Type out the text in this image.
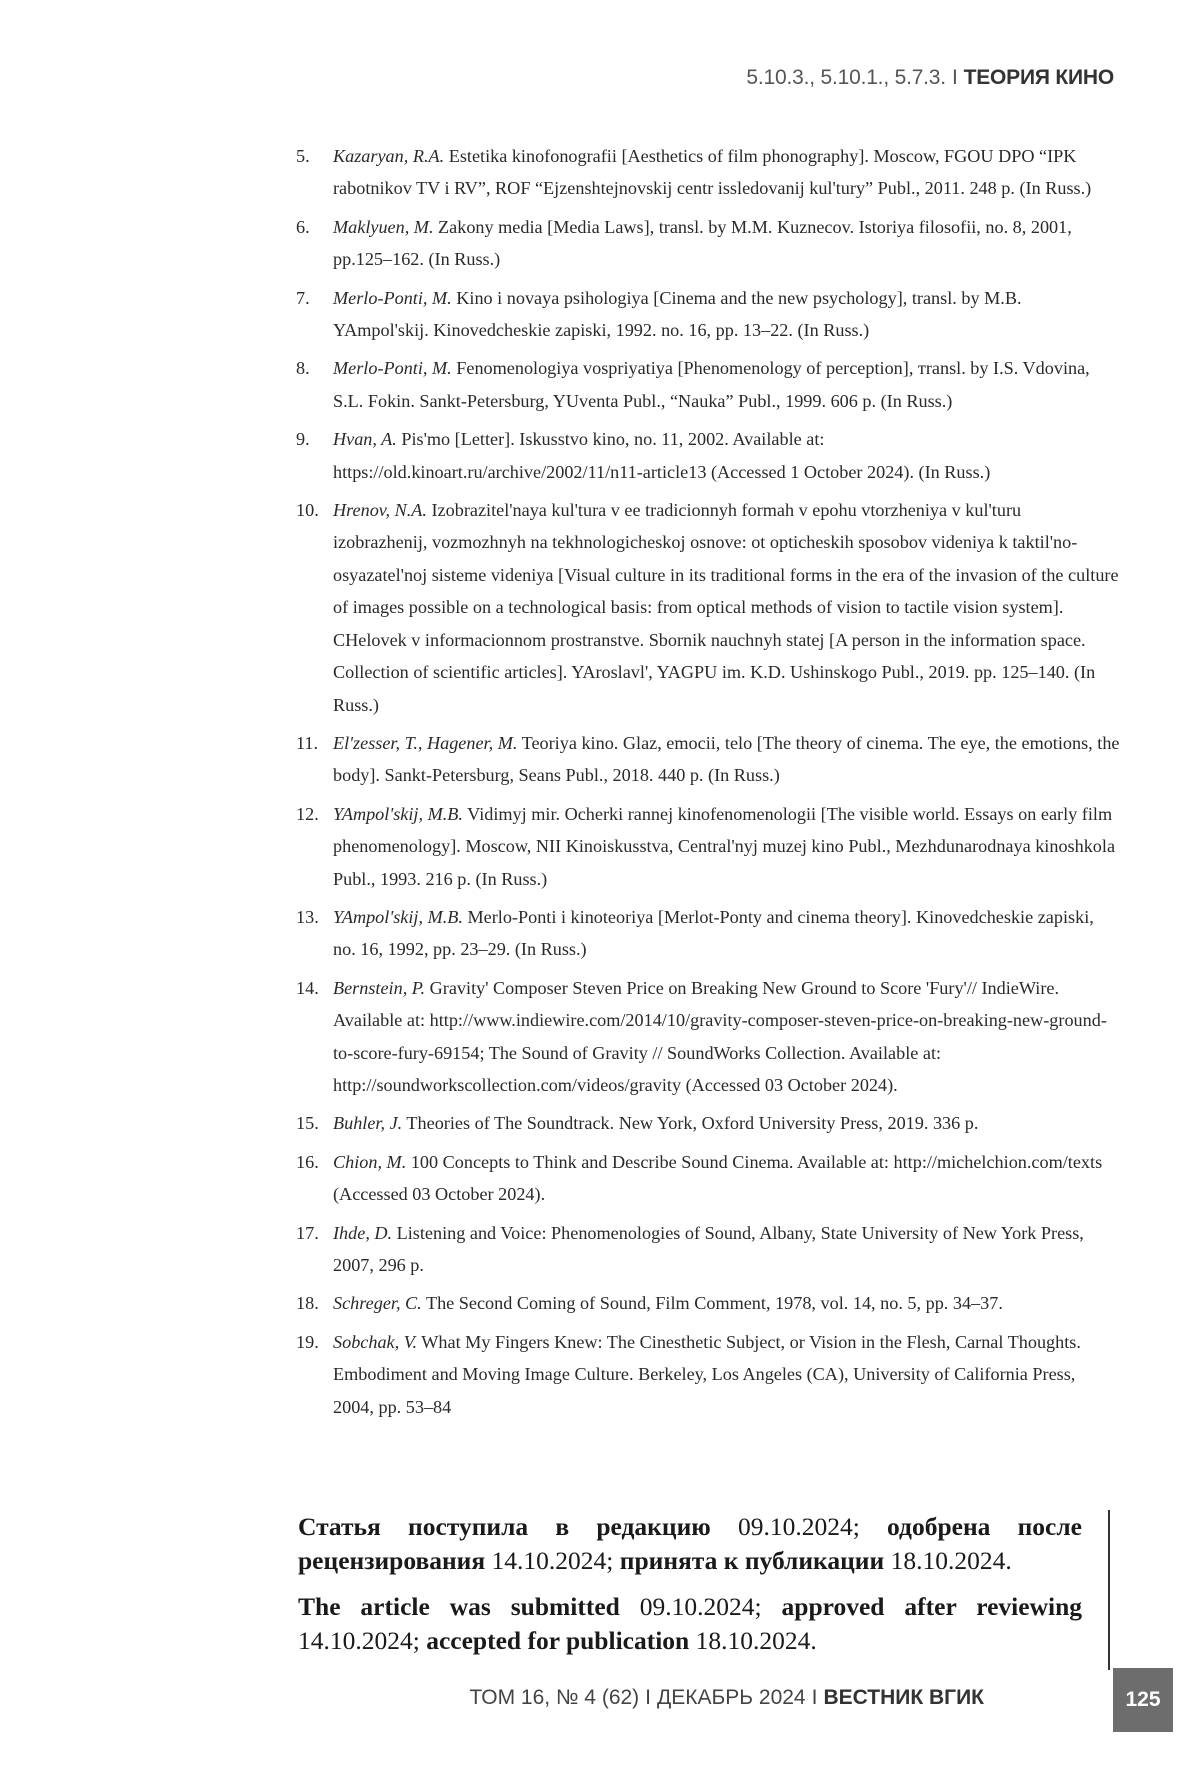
5.10.3., 5.10.1., 5.7.3. I ТЕОРИЯ КИНО
5. Kazaryan, R.A. Estetika kinofonografii [Aesthetics of film phonography]. Moscow, FGOU DPO “IPK rabotnikov TV i RV”, ROF “Ejzenshtejnovskij centr issledovanij kul'tury” Publ., 2011. 248 p. (In Russ.)
6. Maklyuen, M. Zakony media [Media Laws], transl. by M.M. Kuznecov. Istoriya filosofii, no. 8, 2001, pp.125–162. (In Russ.)
7. Merlo-Ponti, M. Kino i novaya psihologiya [Cinema and the new psychology], transl. by M.B. YAmpol'skij. Kinovedcheskie zapiski, 1992. no. 16, pp. 13–22. (In Russ.)
8. Merlo-Ponti, M. Fenomenologiya vospriyatiya [Phenomenology of perception], тransl. by I.S. Vdovina, S.L. Fokin. Sankt-Petersburg, YUventa Publ., “Nauka” Publ., 1999. 606 p. (In Russ.)
9. Hvan, A. Pis'mo [Letter]. Iskusstvo kino, no. 11, 2002. Available at: https://old.kinoart.ru/archive/2002/11/n11-article13 (Accessed 1 October 2024). (In Russ.)
10. Hrenov, N.A. Izobrazitel'naya kul'tura v ee tradicionnyh formah v epohu vtorzheniya v kul'turu izobrazhenij, vozmozhnyh na tekhnologicheskoj osnove: ot opticheskih sposobov videniya k taktil'no-osyazatel'noj sisteme videniya [Visual culture in its traditional forms in the era of the invasion of the culture of images possible on a technological basis: from optical methods of vision to tactile vision system]. CHelovek v informacionnom prostranstve. Sbornik nauchnyh statej [A person in the information space. Collection of scientific articles]. YAroslavl', YAGPU im. K.D. Ushinskogo Publ., 2019. pp. 125–140. (In Russ.)
11. El'zesser, T., Hagener, M. Teoriya kino. Glaz, emocii, telo [The theory of cinema. The eye, the emotions, the body]. Sankt-Petersburg, Seans Publ., 2018. 440 p. (In Russ.)
12. YAmpol'skij, M.B. Vidimyj mir. Ocherki rannej kinofenomenologii [The visible world. Essays on early film phenomenology]. Moscow, NII Kinoiskusstva, Central'nyj muzej kino Publ., Mezhdunarodnaya kinoshkola Publ., 1993. 216 p. (In Russ.)
13. YAmpol'skij, M.B. Merlo-Ponti i kinoteoriya [Merlot-Ponty and cinema theory]. Kinovedcheskie zapiski, no. 16, 1992, pp. 23–29. (In Russ.)
14. Bernstein, P. Gravity' Composer Steven Price on Breaking New Ground to Score 'Fury'// IndieWire. Available at: http://www.indiewire.com/2014/10/gravity-composer-steven-price-on-breaking-new-ground-to-score-fury-69154; The Sound of Gravity // SoundWorks Collection. Available at: http://soundworkscollection.com/videos/gravity (Accessed 03 October 2024).
15. Buhler, J. Theories of The Soundtrack. New York, Oxford University Press, 2019. 336 p.
16. Chion, M. 100 Concepts to Think and Describe Sound Cinema. Available at: http://michelchion.com/texts (Accessed 03 October 2024).
17. Ihde, D. Listening and Voice: Phenomenologies of Sound, Albany, State University of New York Press, 2007, 296 p.
18. Schreger, C. The Second Coming of Sound, Film Comment, 1978, vol. 14, no. 5, pp. 34–37.
19. Sobchak, V. What My Fingers Knew: The Cinesthetic Subject, or Vision in the Flesh, Carnal Thoughts. Embodiment and Moving Image Culture. Berkeley, Los Angeles (CA), University of California Press, 2004, pp. 53–84

Статья поступила в редакцию 09.10.2024; одобрена после рецензирования 14.10.2024; принята к публикации 18.10.2024.

The article was submitted 09.10.2024; approved after reviewing 14.10.2024; accepted for publication 18.10.2024.

ТОМ 16, № 4 (62) I ДЕКАБРЬ 2024 I ВЕСТНИК ВГИК	125
